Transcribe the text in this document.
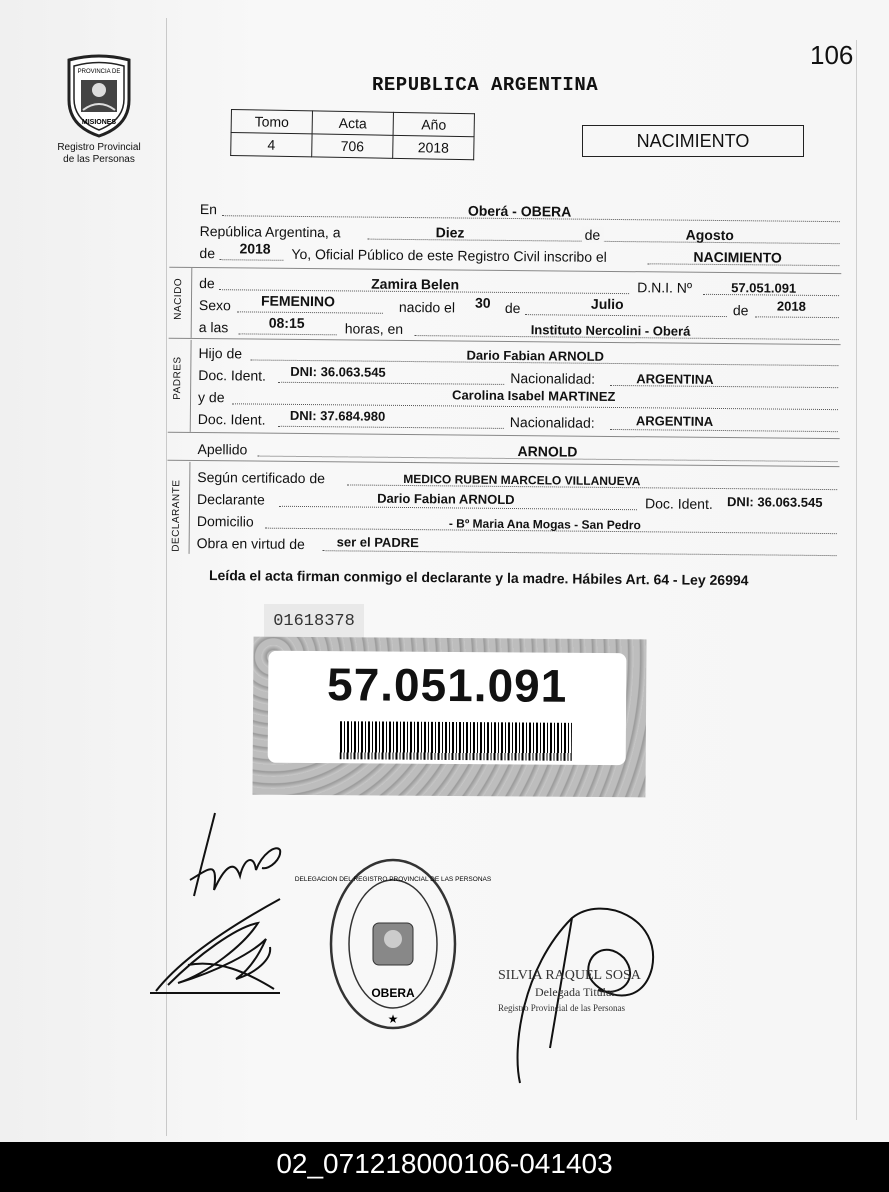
106
PROVINCIA DE
MISIONES
Registro Provincial
de las Personas
REPUBLICA ARGENTINA
Tomo	Acta	Año
4	706	2018	NACIMIENTO
En	Oberá - OBERA
República Argentina, a	Diez	de	Agosto
de 2018 Yo, Oficial Público de este Registro Civil inscribo el	NACIMIENTO
de	Zamira Belen	D.N.I. Nº	57.051.091
Sexo FEMENINO	nacido el 30 de	Julio	de 2018
a las	08:15	horas, en	Instituto Nercolini - Oberá
Hijo de	Dario Fabian ARNOLD
Doc. Ident. DNI: 36.063.545	Nacionalidad:	ARGENTINA
y de	Carolina Isabel MARTINEZ
Doc. Ident. DNI: 37.684.980	Nacionalidad:	ARGENTINA
Apellido	ARNOLD
Según certificado de	MEDICO RUBEN MARCELO VILLANUEVA
Declarante	Dario Fabian ARNOLD	Doc. Ident. DNI: 36.063.545
Domicilio	- Bº Maria Ana Mogas - San Pedro
Obra en virtud de ser el PADRE
NACIDO
PADRES
DECLARANTE
Leída el acta firman conmigo el declarante y la madre. Hábiles Art. 64 - Ley 26994
01618378
57.051.091
OBERA
DELEGACION DEL REGISTRO PROVINCIAL DE LAS PERSONAS
★
SILVIA RAQUEL SOSA
Delegada Titular
Registro Provincial de las Personas
02_071218000106-041403
